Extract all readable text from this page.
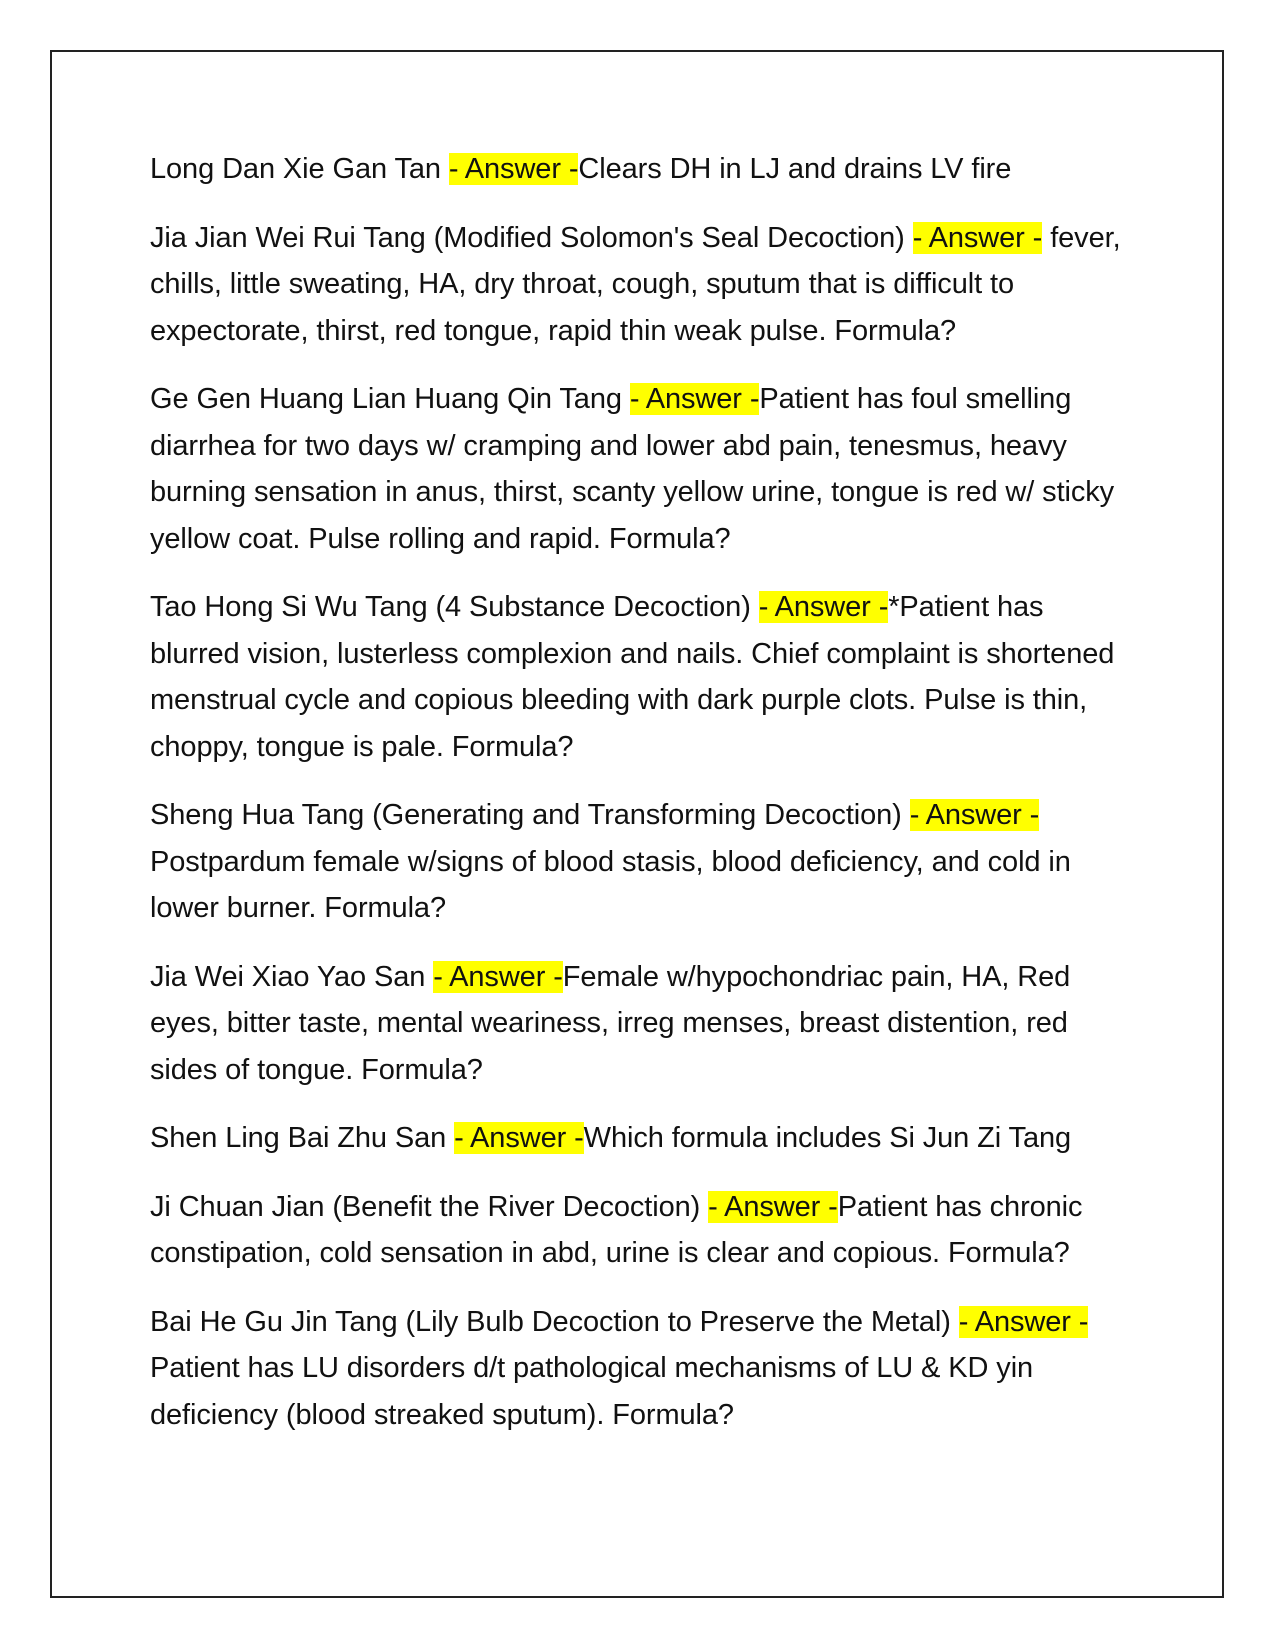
Long Dan Xie Gan Tan - Answer -Clears DH in LJ and drains LV fire

Jia Jian Wei Rui Tang (Modified Solomon's Seal Decoction) - Answer - fever, chills, little sweating, HA, dry throat, cough, sputum that is difficult to expectorate, thirst, red tongue, rapid thin weak pulse. Formula?

Ge Gen Huang Lian Huang Qin Tang - Answer -Patient has foul smelling diarrhea for two days w/ cramping and lower abd pain, tenesmus, heavy burning sensation in anus, thirst, scanty yellow urine, tongue is red w/ sticky yellow coat. Pulse rolling and rapid. Formula?

Tao Hong Si Wu Tang (4 Substance Decoction) - Answer -*Patient has blurred vision, lusterless complexion and nails. Chief complaint is shortened menstrual cycle and copious bleeding with dark purple clots. Pulse is thin, choppy, tongue is pale. Formula?

Sheng Hua Tang (Generating and Transforming Decoction) - Answer - Postpardum female w/signs of blood stasis, blood deficiency, and cold in lower burner. Formula?

Jia Wei Xiao Yao San - Answer -Female w/hypochondriac pain, HA, Red eyes, bitter taste, mental weariness, irreg menses, breast distention, red sides of tongue. Formula?

Shen Ling Bai Zhu San - Answer -Which formula includes Si Jun Zi Tang

Ji Chuan Jian (Benefit the River Decoction) - Answer -Patient has chronic constipation, cold sensation in abd, urine is clear and copious. Formula?

Bai He Gu Jin Tang (Lily Bulb Decoction to Preserve the Metal) - Answer -Patient has LU disorders d/t pathological mechanisms of LU & KD yin deficiency (blood streaked sputum). Formula?
